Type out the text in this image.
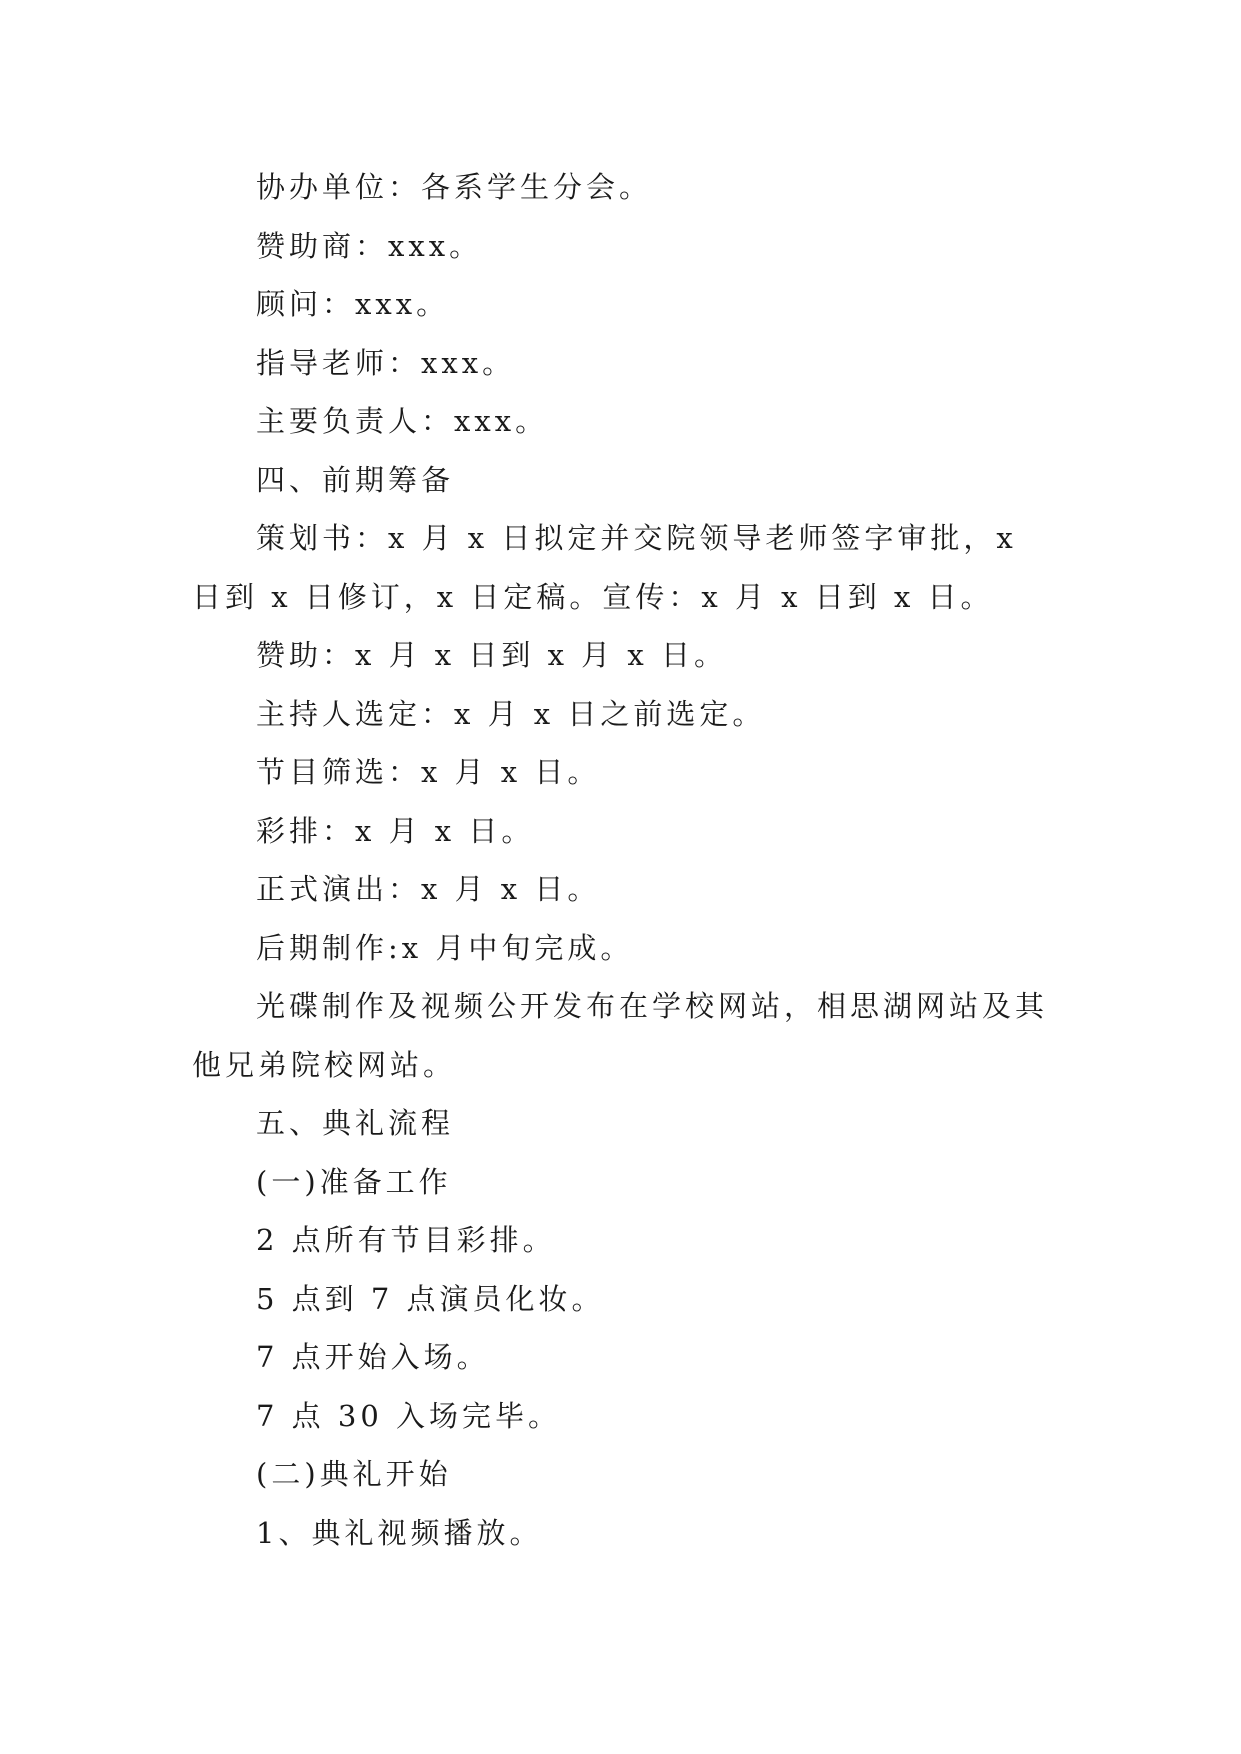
协办单位：各系学生分会。

赞助商：xxx。

顾问：xxx。

指导老师：xxx。

主要负责人：xxx。

四、前期筹备

策划书：x 月 x 日拟定并交院领导老师签字审批，x 日到 x 日修订，x 日定稿。宣传：x 月 x 日到 x 日。

赞助：x 月 x 日到 x 月 x 日。

主持人选定：x 月 x 日之前选定。

节目筛选：x 月 x 日。

彩排：x 月 x 日。

正式演出：x 月 x 日。

后期制作:x 月中旬完成。

光碟制作及视频公开发布在学校网站，相思湖网站及其他兄弟院校网站。

五、典礼流程

(一)准备工作

2 点所有节目彩排。

5 点到 7 点演员化妆。

7 点开始入场。

7 点 30 入场完毕。

(二)典礼开始

1、典礼视频播放。
